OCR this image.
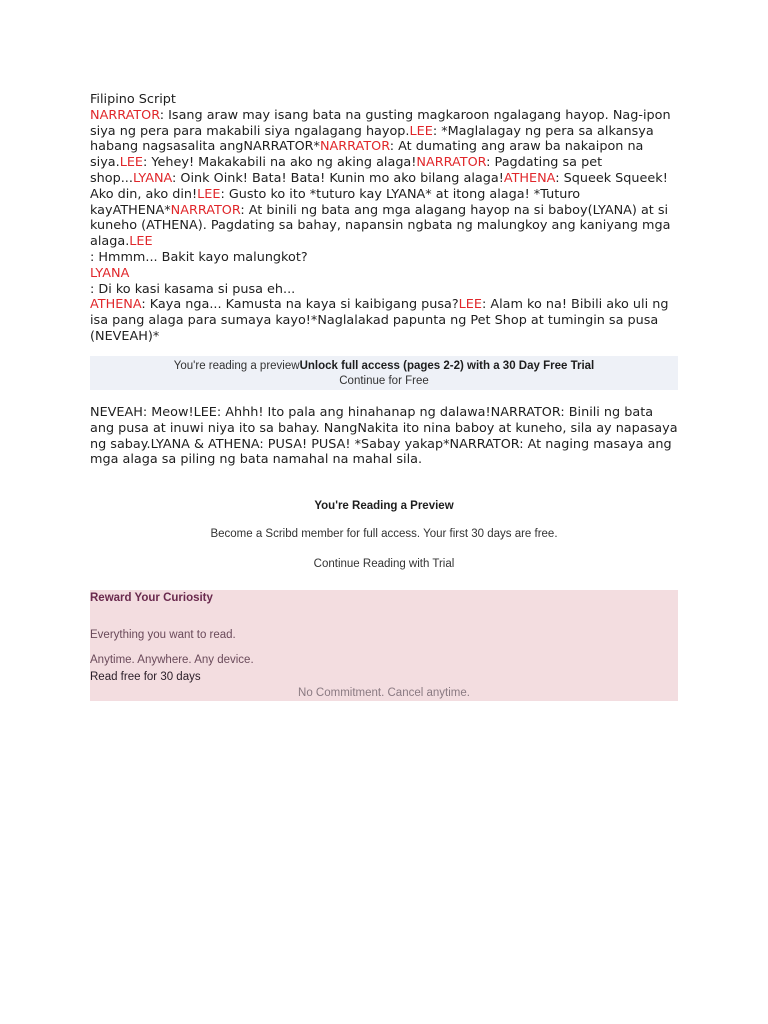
Filipino Script

NARRATOR: Isang araw may isang bata na gusting magkaroon ngalagang hayop. Nag-ipon siya ng pera para makabili siya ngalagang hayop.LEE: *Maglalagay ng pera sa alkansya habang nagsasalita angNARRATOR*NARRATOR: At dumating ang araw ba nakaipon na siya.LEE: Yehey! Makakabili na ako ng aking alaga!NARRATOR: Pagdating sa pet shop...LYANA: Oink Oink! Bata! Bata! Kunin mo ako bilang alaga!ATHENA: Squeek Squeek! Ako din, ako din!LEE: Gusto ko ito *tuturo kay LYANA* at itong alaga! *Tuturo kayATHENA*NARRATOR: At binili ng bata ang mga alagang hayop na si baboy(LYANA) at si kuneho (ATHENA). Pagdating sa bahay, napansin ngbata ng malungkoy ang kaniyang mga alaga.LEE

: Hmmm... Bakit kayo malungkot?

LYANA

: Di ko kasi kasama si pusa eh...

ATHENA: Kaya nga... Kamusta na kaya si kaibigang pusa?LEE: Alam ko na! Bibili ako uli ng isa pang alaga para sumaya kayo!*Naglalakad papunta ng Pet Shop at tumingin sa pusa (NEVEAH)*

You're reading a previewUnlock full access (pages 2-2) with a 30 Day Free Trial
Continue for Free
NEVEAH: Meow!LEE: Ahhh! Ito pala ang hinahanap ng dalawa!NARRATOR: Binili ng bata ang pusa at inuwi niya ito sa bahay. NangNakita ito nina baboy at kuneho, sila ay napasaya ng sabay.LYANA & ATHENA: PUSA! PUSA! *Sabay yakap*NARRATOR: At naging masaya ang mga alaga sa piling ng bata namahal na mahal sila.
You're Reading a Preview
Become a Scribd member for full access. Your first 30 days are free.
Continue Reading with Trial
Reward Your Curiosity
Everything you want to read.
Anytime. Anywhere. Any device.
Read free for 30 days
No Commitment. Cancel anytime.
